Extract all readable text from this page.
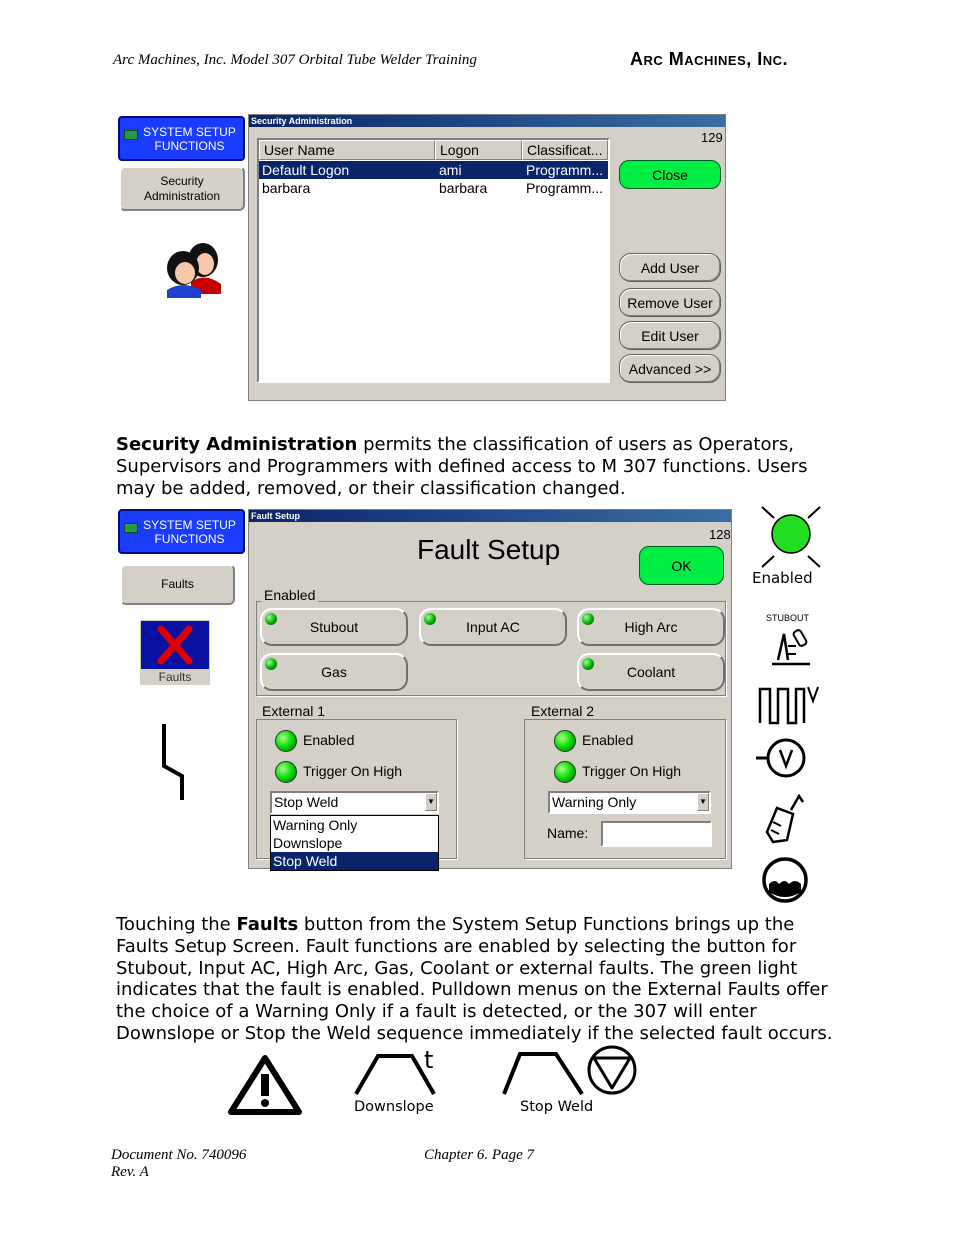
Arc Machines, Inc. Model 307 Orbital Tube Welder Training	Arc Machines, Inc.
SYSTEM SETUP FUNCTIONS
Security Administration
Security Administration
129
User Name	Logon	Classificat...
Default Logon	ami	Programm...
barbara	barbara	Programm...
Close
Add User
Remove User
Edit User
Advanced >>
Security Administration permits the classification of users as Operators, Supervisors and Programmers with defined access to M 307 functions. Users may be added, removed, or their classification changed.
SYSTEM SETUP FUNCTIONS
Faults
Faults
Fault Setup
Fault Setup	128
OK
Enabled
Stubout	Input AC	High Arc
Gas	Coolant
External 1
Enabled
Trigger On High
Stop Weld	▼
Warning Only
Downslope
Stop Weld
External 2
Enabled
Trigger On High
Warning Only	▼
Name:
Enabled
STUBOUT
Touching the Faults button from the System Setup Functions brings up the Faults Setup Screen. Fault functions are enabled by selecting the button for Stubout, Input AC, High Arc, Gas, Coolant or external faults. The green light indicates that the fault is enabled. Pulldown menus on the External Faults offer the choice of a Warning Only if a fault is detected, or the 307 will enter Downslope or Stop the Weld sequence immediately if the selected fault occurs.
t
Downslope	Stop Weld
Document No. 740096
Rev. A
Chapter 6. Page 7
